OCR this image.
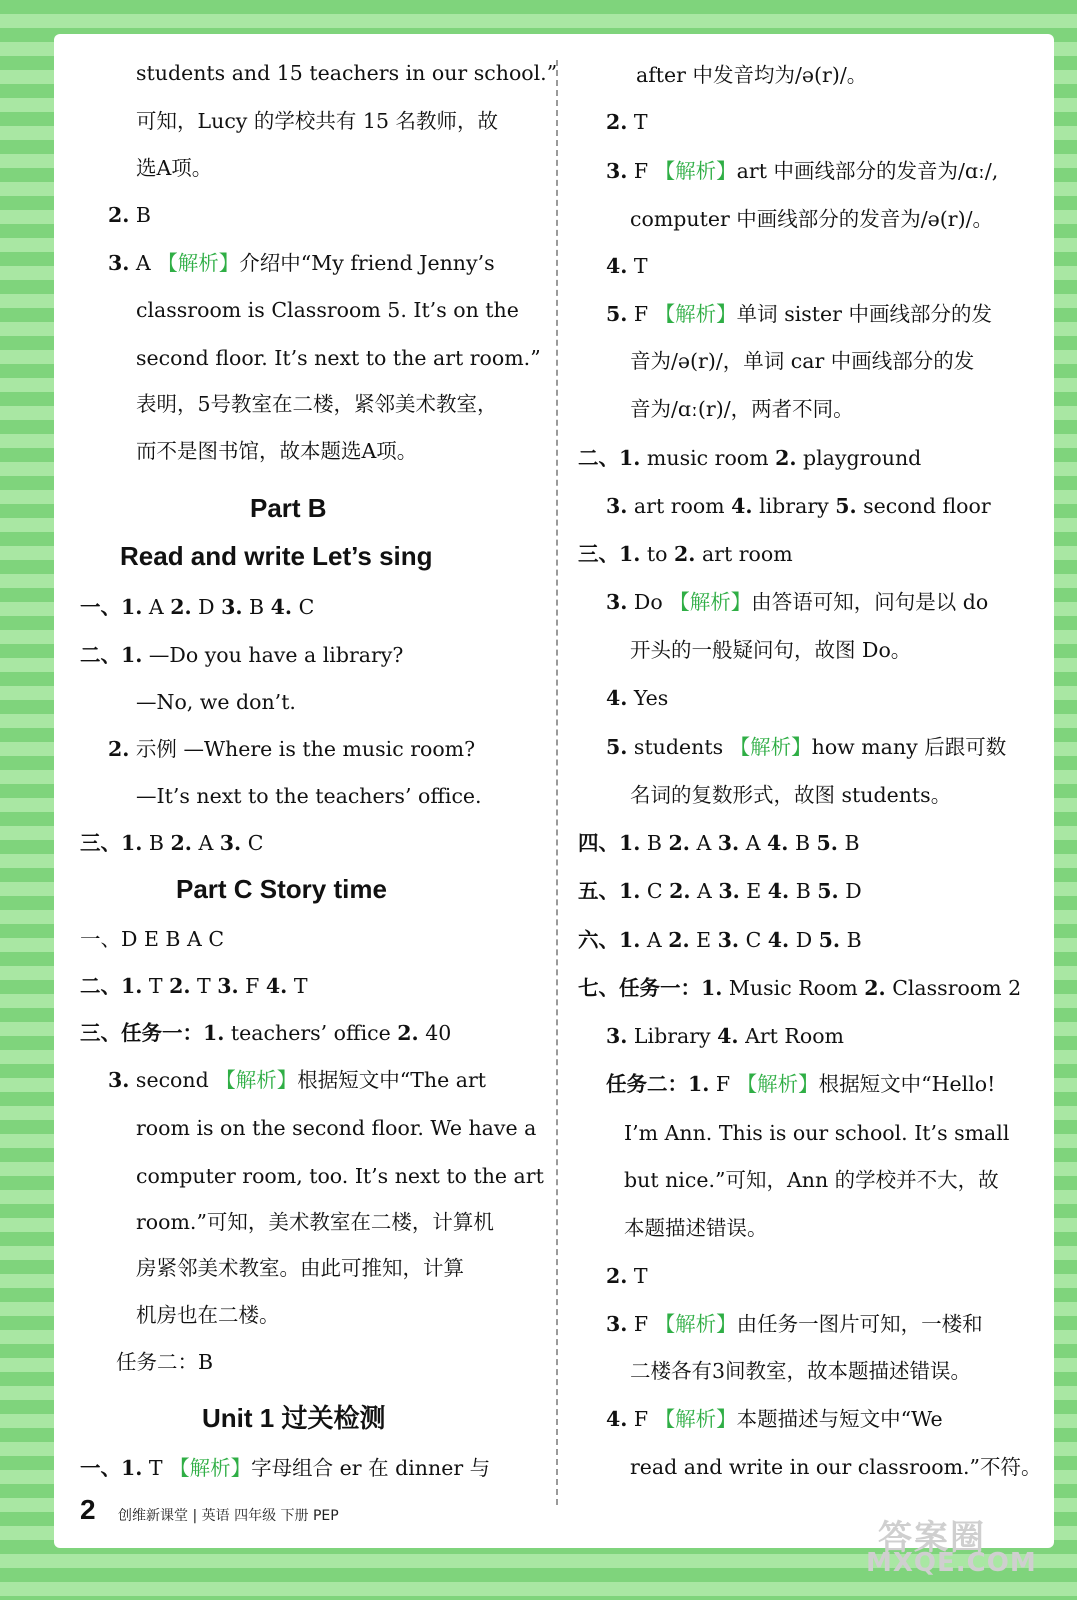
students and 15 teachers in our school.”
可知，Lucy 的学校共有 15 名教师，故
选A项。
2. B
3. A 【解析】介绍中“My friend Jenny’s
classroom is Classroom 5. It’s on the
second floor. It’s next to the art room.”
表明，5号教室在二楼，紧邻美术教室，
而不是图书馆，故本题选A项。
一、1. A 2. D 3. B 4. C
二、1. —Do you have a library?
—No, we don’t.
2. 示例 —Where is the music room?
—It’s next to the teachers’ office.
三、1. B 2. A 3. C
一、D E B A C
二、1. T 2. T 3. F 4. T
三、任务一：1. teachers’ office 2. 40
3. second 【解析】根据短文中“The art
room is on the second floor. We have a
computer room, too. It’s next to the art
room.”可知，美术教室在二楼，计算机
房紧邻美术教室。由此可推知，计算
机房也在二楼。
任务二：B
一、1. T 【解析】字母组合 er 在 dinner 与
after 中发音均为/ə(r)/。
2. T
3. F 【解析】art 中画线部分的发音为/ɑː/,
computer 中画线部分的发音为/ə(r)/。
4. T
5. F 【解析】单词 sister 中画线部分的发
音为/ə(r)/，单词 car 中画线部分的发
音为/ɑː(r)/，两者不同。
二、1. music room 2. playground
3. art room 4. library 5. second floor
三、1. to 2. art room
3. Do 【解析】由答语可知，问句是以 do
开头的一般疑问句，故图 Do。
4. Yes
5. students 【解析】how many 后跟可数
名词的复数形式，故图 students。
四、1. B 2. A 3. A 4. B 5. B
五、1. C 2. A 3. E 4. B 5. D
六、1. A 2. E 3. C 4. D 5. B
七、任务一：1. Music Room 2. Classroom 2
3. Library 4. Art Room
任务二：1. F 【解析】根据短文中“Hello!
I’m Ann. This is our school. It’s small
but nice.”可知，Ann 的学校并不大，故
本题描述错误。
2. T
3. F 【解析】由任务一图片可知，一楼和
二楼各有3间教室，故本题描述错误。
4. F 【解析】本题描述与短文中“We
read and write in our classroom.”不符。
Part B
Read and write Let’s sing
Part C Story time
Unit 1 过关检测
2 创维新课堂 | 英语 四年级 下册 PEP
答案圈
MXQE.COM
